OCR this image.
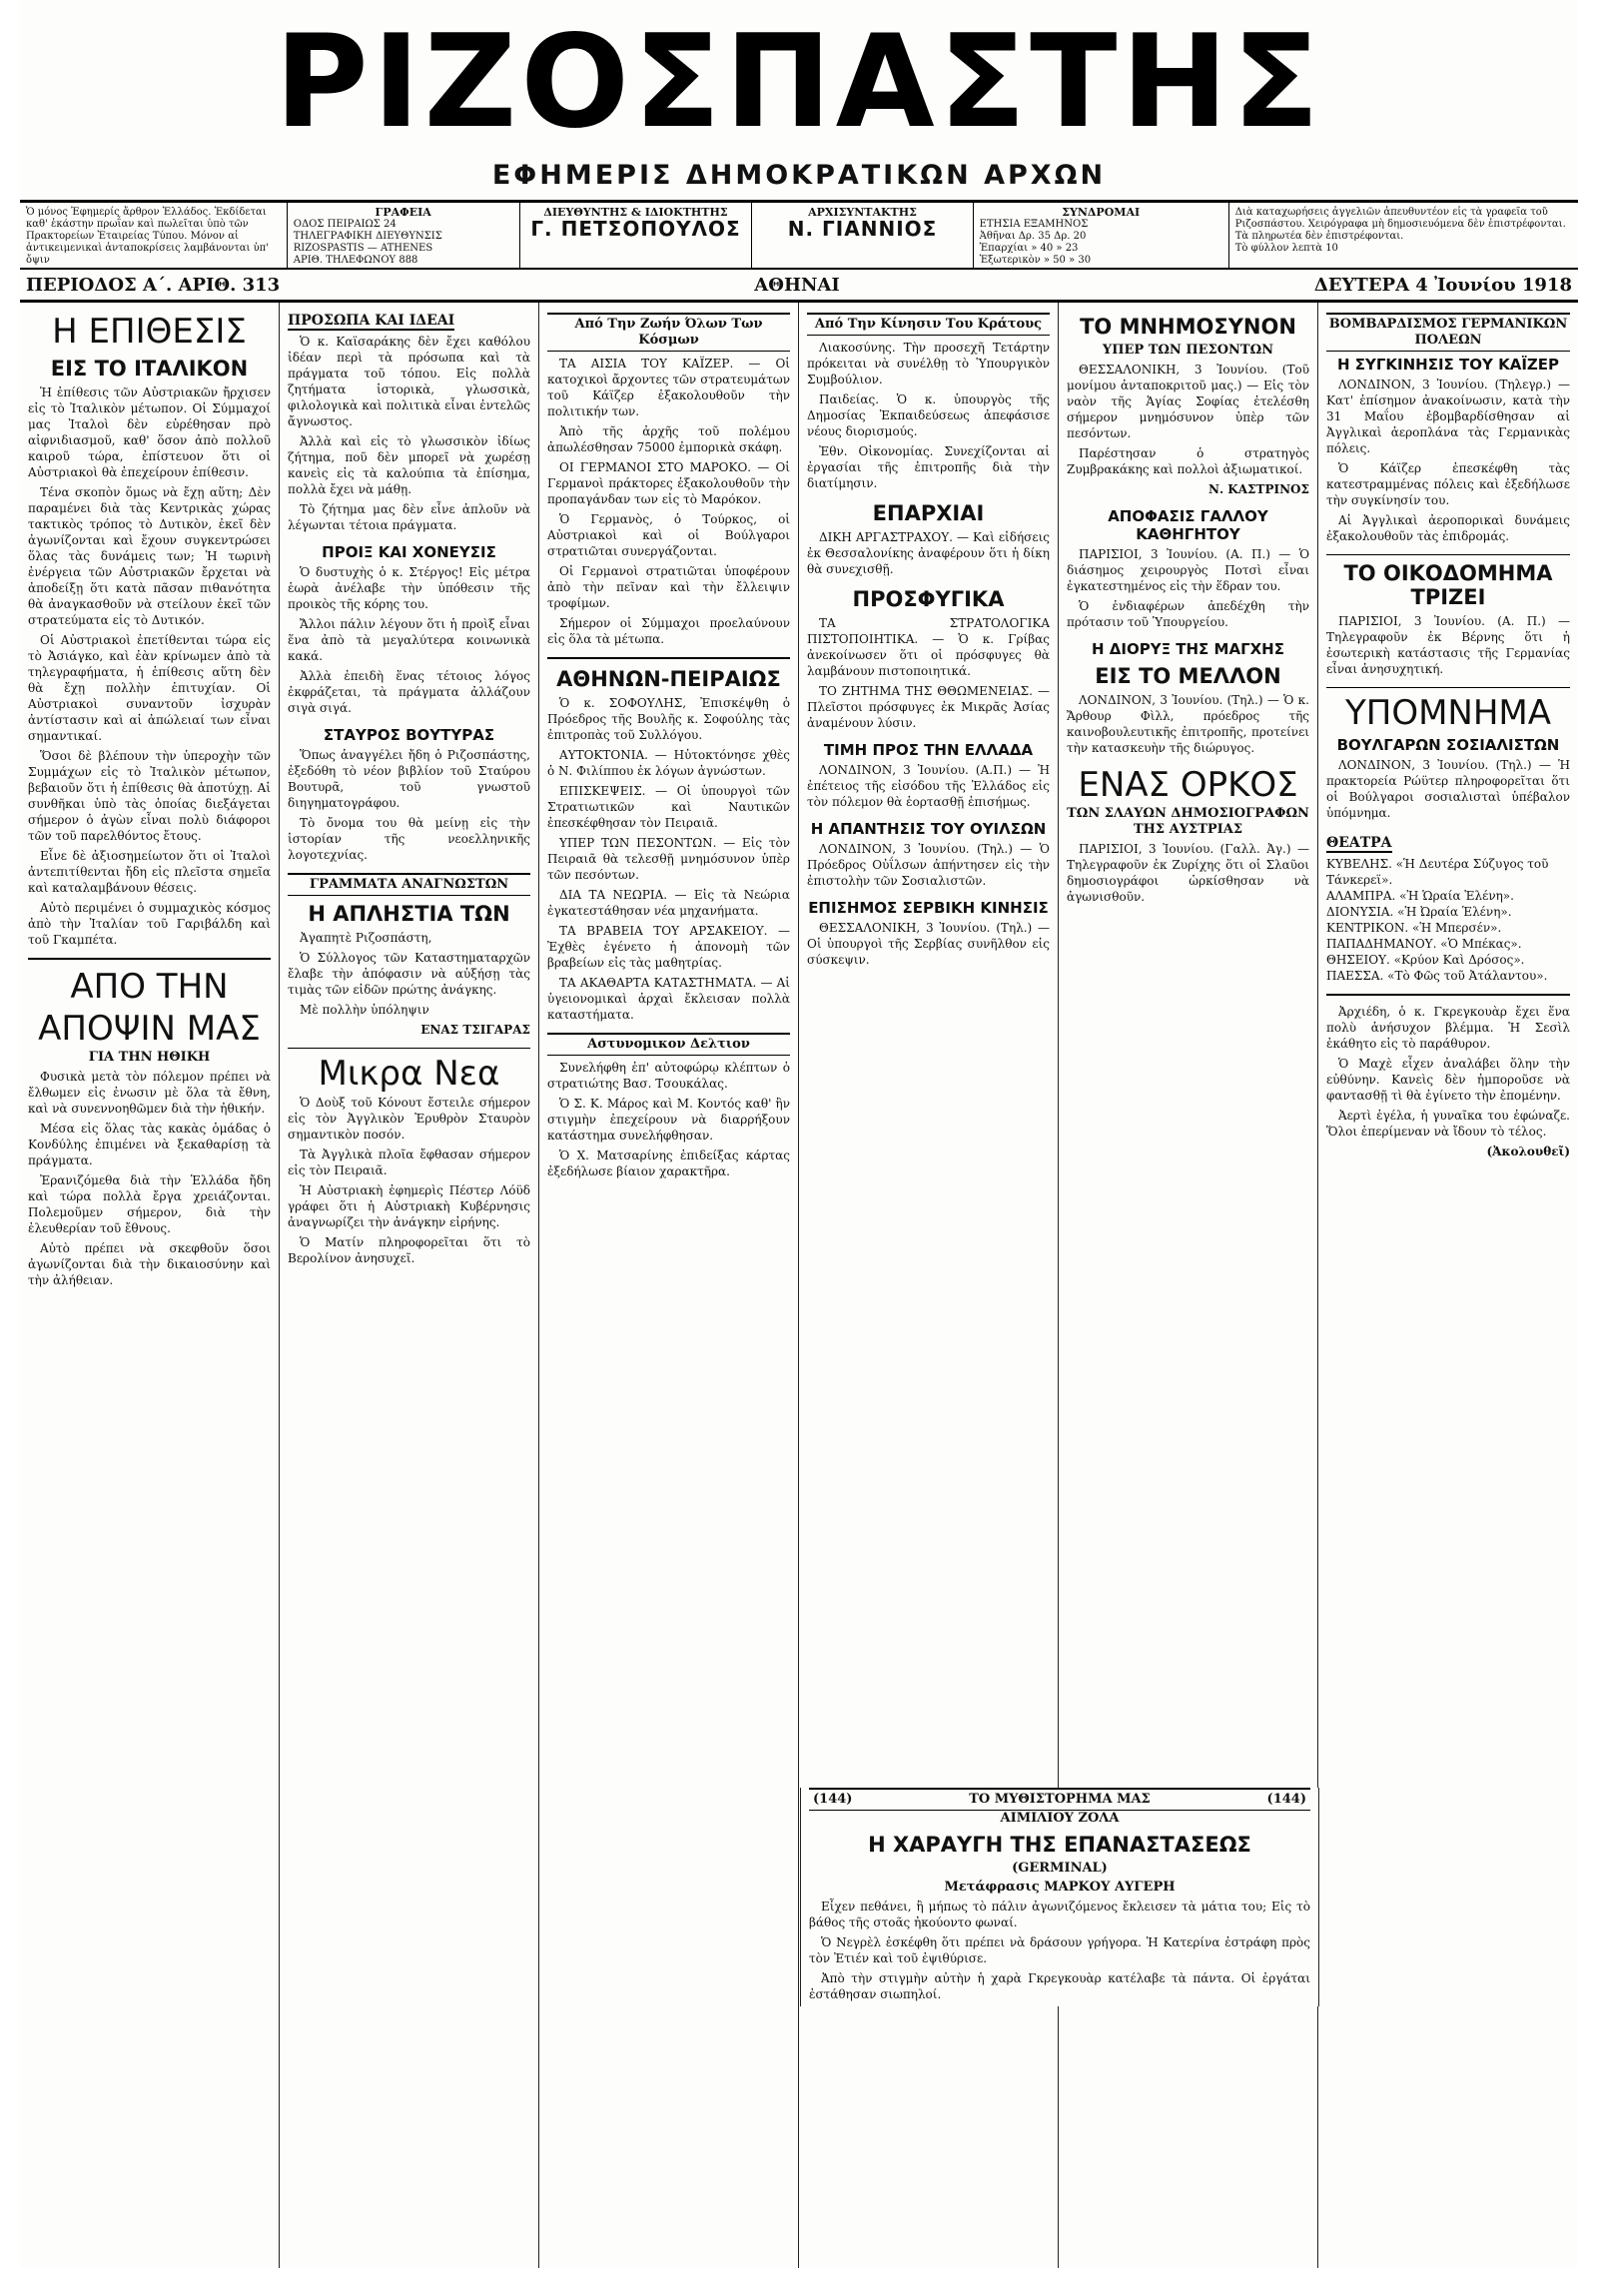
ΡΙΖΟΣΠΑΣΤΗΣ
ΕΦΗΜΕΡΙΣ ΔΗΜΟΚΡΑΤΙΚΩΝ ΑΡΧΩΝ
Ὁ μόνος Ἐφημερίς ἄρθρον Ἑλλάδος. Ἐκδίδεται καθ' ἑκάστην πρωΐαν καὶ πωλεῖται ὑπὸ τῶν Πρακτορείων Ἐταιρείας Τύπου. Μόνον αἱ ἀντικειμενικαὶ ἀνταποκρίσεις λαμβάνονται ὑπ' ὄψιν
ΓΡΑΦΕΙΑ
ΟΔΟΣ ΠΕΙΡΑΙΩΣ 24
ΤΗΛΕΓΡΑΦΙΚΗ ΔΙΕΥΘΥΝΣΙΣ
RIZOSPASTIS — ATHENES
ΑΡΙΘ. ΤΗΛΕΦΩΝΟΥ 888
ΔΙΕΥΘΥΝΤΗΣ & ΙΔΙΟΚΤΗΤΗΣ
Γ. ΠΕΤΣΟΠΟΥΛΟΣ
ΑΡΧΙΣΥΝΤΑΚΤΗΣ
Ν. ΓΙΑΝΝΙΟΣ
ΣΥΝΔΡΟΜΑΙ
ΕΤΗΣΙΑ ΕΞΑΜΗΝΟΣ
Ἀθῆναι Δρ. 35 Δρ. 20
Ἐπαρχίαι » 40 » 23
Ἐξωτερικὸν » 50 » 30
Διὰ καταχωρήσεις ἀγγελιῶν ἀπευθυντέον εἰς τὰ γραφεῖα τοῦ Ριζοσπάστου. Χειρόγραφα μὴ δημοσιευόμενα δὲν ἐπιστρέφονται. Τὰ πληρωτέα δὲν ἐπιστρέφονται.
Τὸ φύλλον λεπτὰ 10
ΠΕΡΙΟΔΟΣ Α΄. ΑΡΙΘ. 313	ΑΘΗΝΑΙ	ΔΕΥΤΕΡΑ 4 Ἰουνίου 1918
Η ΕΠΙΘΕΣΙΣ
ΕΙΣ ΤΟ ΙΤΑΛΙΚΟΝ

Ἡ ἐπίθεσις τῶν Αὐστριακῶν ἤρχισεν εἰς τὸ Ἰταλικὸν μέτωπον. Οἱ Σύμμαχοί μας Ἰταλοὶ δὲν εὑρέθησαν πρὸ αἰφνιδιασμοῦ, καθ' ὅσον ἀπὸ πολλοῦ καιροῦ τώρα, ἐπίστευον ὅτι οἱ Αὐστριακοὶ θὰ ἐπεχείρουν ἐπίθεσιν.

Τένα σκοπὸν ὅμως νὰ ἔχῃ αὕτη; Δὲν παραμένει διὰ τὰς Κεντρικὰς χώρας τακτικὸς τρόπος τὸ Δυτικὸν, ἐκεῖ δὲν ἀγωνίζονται καὶ ἔχουν συγκεντρώσει ὅλας τὰς δυνάμεις των; Ἡ τωρινὴ ἐνέργεια τῶν Αὐστριακῶν ἔρχεται νὰ ἀποδείξῃ ὅτι κατὰ πᾶσαν πιθανότητα θὰ ἀναγκασθοῦν νὰ στείλουν ἐκεῖ τῶν στρατεύματα εἰς τὸ Δυτικόν.

Οἱ Αὐστριακοὶ ἐπετίθενται τώρα εἰς τὸ Ἀσιάγκο, καὶ ἐὰν κρίνωμεν ἀπὸ τὰ τηλεγραφήματα, ἡ ἐπίθεσις αὕτη δὲν θὰ ἔχῃ πολλὴν ἐπιτυχίαν. Οἱ Αὐστριακοὶ συναντοῦν ἰσχυρὰν ἀντίστασιν καὶ αἱ ἀπώλειαί των εἶναι σημαντικαί.

Ὅσοι δὲ βλέπουν τὴν ὑπεροχὴν τῶν Συμμάχων εἰς τὸ Ἰταλικὸν μέτωπον, βεβαιοῦν ὅτι ἡ ἐπίθεσις θὰ ἀποτύχῃ. Αἱ συνθῆκαι ὑπὸ τὰς ὁποίας διεξάγεται σήμερον ὁ ἀγὼν εἶναι πολὺ διάφοροι τῶν τοῦ παρελθόντος ἔτους.

Εἶνε δὲ ἀξιοσημείωτον ὅτι οἱ Ἰταλοὶ ἀντεπιτίθενται ἤδη εἰς πλεῖστα σημεῖα καὶ καταλαμβάνουν θέσεις.

Αὐτὸ περιμένει ὁ συμμαχικὸς κόσμος ἀπὸ τὴν Ἰταλίαν τοῦ Γαριβάλδη καὶ τοῦ Γκαμπέτα.

ΑΠΟ ΤΗΝ
ΑΠΟΨΙΝ ΜΑΣ
ΓΙΑ ΤΗΝ ΗΘΙΚΗ

Φυσικὰ μετὰ τὸν πόλεμον πρέπει νὰ ἔλθωμεν εἰς ἑνωσιν μὲ ὅλα τὰ ἔθνη, καὶ νὰ συνεννοηθῶμεν διὰ τὴν ἠθικήν.

Μέσα εἰς ὅλας τὰς κακὰς ὁμάδας ὁ Κονδύλης ἐπιμένει νὰ ξεκαθαρίσῃ τὰ πράγματα.

Ἐρανιζόμεθα διὰ τὴν Ἑλλάδα ἤδη καὶ τώρα πολλὰ ἔργα χρειάζονται. Πολεμοῦμεν σήμερον, διὰ τὴν ἐλευθερίαν τοῦ ἔθνους.

Αὐτὸ πρέπει νὰ σκεφθοῦν ὅσοι ἀγωνίζονται διὰ τὴν δικαιοσύνην καὶ τὴν ἀλήθειαν.

ΠΡΟΣΩΠΑ ΚΑΙ ΙΔΕΑΙ

Ὁ κ. Καϊσαράκης δὲν ἔχει καθόλου ἰδέαν περὶ τὰ πρόσωπα καὶ τὰ πράγματα τοῦ τόπου. Εἰς πολλὰ ζητήματα ἱστορικὰ, γλωσσικὰ, φιλολογικὰ καὶ πολιτικὰ εἶναι ἐντελῶς ἄγνωστος.

Ἀλλὰ καὶ εἰς τὸ γλωσσικὸν ἰδίως ζήτημα, ποῦ δὲν μπορεῖ νὰ χωρέσῃ κανεὶς εἰς τὰ καλούπια τὰ ἐπίσημα, πολλὰ ἔχει νὰ μάθῃ.

Τὸ ζήτημα μας δὲν εἶνε ἀπλοῦν νὰ λέγωνται τέτοια πράγματα.

ΠΡΟΙΞ ΚΑΙ ΧΟΝΕΥΣΙΣ

Ὁ δυστυχὴς ὁ κ. Στέργος! Εἰς μέτρα ἑωρὰ ἀνέλαβε τὴν ὑπόθεσιν τῆς προικὸς τῆς κόρης του.

Ἄλλοι πάλιν λέγουν ὅτι ἡ προὶξ εἶναι ἕνα ἀπὸ τὰ μεγαλύτερα κοινωνικὰ κακά.

Ἀλλὰ ἐπειδὴ ἕνας τέτοιος λόγος ἐκφράζεται, τὰ πράγματα ἀλλάζουν σιγὰ σιγά.

ΣΤΑΥΡΟΣ ΒΟΥΤΥΡΑΣ

Ὅπως ἀναγγέλει ἤδη ὁ Ριζοσπάστης, ἐξεδόθη τὸ νέον βιβλίον τοῦ Σταύρου Βουτυρᾶ, τοῦ γνωστοῦ διηγηματογράφου.

Τὸ ὄνομα του θὰ μείνῃ εἰς τὴν ἱστορίαν τῆς νεοελληνικῆς λογοτεχνίας.

ΓΡΑΜΜΑΤΑ ΑΝΑΓΝΩΣΤΩΝ
Η ΑΠΛΗΣΤΙΑ ΤΩΝ

Ἀγαπητὲ Ριζοσπάστη,

Ὁ Σύλλογος τῶν Καταστηματαρχῶν ἔλαβε τὴν ἀπόφασιν νὰ αὐξήσῃ τὰς τιμὰς τῶν εἰδῶν πρώτης ἀνάγκης.

Μὲ πολλὴν ὑπόληψιν

ΕΝΑΣ ΤΣΙΓΑΡΑΣ
Μικρα Νεα

Ὁ Δοὺξ τοῦ Κόνουτ ἔστειλε σήμερον εἰς τὸν Ἀγγλικὸν Ἐρυθρὸν Σταυρὸν σημαντικὸν ποσόν.

Τὰ Ἀγγλικὰ πλοῖα ἔφθασαν σήμερον εἰς τὸν Πειραιᾶ.

Ἡ Αὐστριακὴ ἐφημερὶς Πέστερ Λόϋδ γράφει ὅτι ἡ Αὐστριακὴ Κυβέρνησις ἀναγνωρίζει τὴν ἀνάγκην εἰρήνης.

Ὁ Ματίν πληροφορεῖται ὅτι τὸ Βερολίνον ἀνησυχεῖ.

Από Την Ζωήν Όλων Των Κόσμων

ΤΑ ΑΙΣΙΑ ΤΟΥ ΚΑΪΖΕΡ. — Οἱ κατοχικοὶ ἄρχοντες τῶν στρατευμάτων τοῦ Κάϊζερ ἐξακολουθοῦν τὴν πολιτικήν των.

Ἀπὸ τῆς ἀρχῆς τοῦ πολέμου ἀπωλέσθησαν 75000 ἐμπορικὰ σκάφη.

ΟΙ ΓΕΡΜΑΝΟΙ ΣΤΟ ΜΑΡΟΚΟ. — Οἱ Γερμανοὶ πράκτορες ἐξακολουθοῦν τὴν προπαγάνδαν των εἰς τὸ Μαρόκον.

Ὁ Γερμανὸς, ὁ Τούρκος, οἱ Αὐστριακοὶ καὶ οἱ Βούλγαροι στρατιῶται συνεργάζονται.

Οἱ Γερμανοὶ στρατιῶται ὑποφέρουν ἀπὸ τὴν πεῖναν καὶ τὴν ἔλλειψιν τροφίμων.

Σήμερον οἱ Σύμμαχοι προελαύνουν εἰς ὅλα τὰ μέτωπα.

ΑΘΗΝΩΝ-ΠΕΙΡΑΙΩΣ

Ὁ κ. ΣΟΦΟΥΛΗΣ, Ἐπισκέψθη ὁ Πρόεδρος τῆς Βουλῆς κ. Σοφούλης τὰς ἐπιτροπὰς τοῦ Συλλόγου.

ΑΥΤΟΚΤΟΝΙΑ. — Ηὐτοκτόνησε χθὲς ὁ Ν. Φιλίππου ἐκ λόγων ἀγνώστων.

ΕΠΙΣΚΕΨΕΙΣ. — Οἱ ὑπουργοὶ τῶν Στρατιωτικῶν καὶ Ναυτικῶν ἐπεσκέφθησαν τὸν Πειραιᾶ.

ΥΠΕΡ ΤΩΝ ΠΕΣΟΝΤΩΝ. — Εἰς τὸν Πειραιᾶ θὰ τελεσθῇ μνημόσυνον ὑπὲρ τῶν πεσόντων.

ΔΙΑ ΤΑ ΝΕΩΡΙΑ. — Εἰς τὰ Νεώρια ἐγκατεστάθησαν νέα μηχανήματα.

ΤΑ ΒΡΑΒΕΙΑ ΤΟΥ ΑΡΣΑΚΕΙΟΥ. — Ἐχθὲς ἐγένετο ἡ ἀπονομὴ τῶν βραβείων εἰς τὰς μαθητρίας.

ΤΑ ΑΚΑΘΑΡΤΑ ΚΑΤΑΣΤΗΜΑΤΑ. — Αἱ ὑγειονομικαὶ ἀρχαὶ ἔκλεισαν πολλὰ καταστήματα.

Αστυνομικον Δελτιον

Συνελήφθη ἐπ' αὐτοφώρῳ κλέπτων ὁ στρατιώτης Βασ. Τσουκάλας.

Ὁ Σ. Κ. Μάρος καὶ Μ. Κοντός καθ' ἣν στιγμὴν ἐπεχείρουν νὰ διαρρήξουν κατάστημα συνελήφθησαν.

Ὁ Χ. Ματσαρίνης ἐπιδείξας κάρτας ἐξεδήλωσε βίαιον χαρακτῆρα.

Από Την Κίνησιν Του Κράτους

Λιακοσύνης. Τὴν προσεχῆ Τετάρτην πρόκειται νὰ συνέλθῃ τὸ Ὑπουργικὸν Συμβούλιον.

Παιδείας. Ὁ κ. ὑπουργὸς τῆς Δημοσίας Ἐκπαιδεύσεως ἀπεφάσισε νέους διορισμούς.

Ἐθν. Οἰκονομίας. Συνεχίζονται αἱ ἐργασίαι τῆς ἐπιτροπῆς διὰ τὴν διατίμησιν.

ΕΠΑΡΧΙΑΙ

ΔΙΚΗ ΑΡΓΑΣΤΡΑΧΟΥ. — Καὶ εἰδήσεις ἐκ Θεσσαλονίκης ἀναφέρουν ὅτι ἡ δίκη θὰ συνεχισθῇ.

ΠΡΟΣΦΥΓΙΚΑ

ΤΑ ΣΤΡΑΤΟΛΟΓΙΚΑ ΠΙΣΤΟΠΟΙΗΤΙΚΑ. — Ὁ κ. Γρίβας ἀνεκοίνωσεν ὅτι οἱ πρόσφυγες θὰ λαμβάνουν πιστοποιητικά.

ΤΟ ΖΗΤΗΜΑ ΤΗΣ ΘΘΩΜΕΝΕΙΑΣ. — Πλεῖστοι πρόσφυγες ἐκ Μικρᾶς Ἀσίας ἀναμένουν λύσιν.

ΤΙΜΗ ΠΡΟΣ ΤΗΝ ΕΛΛΑΔΑ

ΛΟΝΔΙΝΟΝ, 3 Ἰουνίου. (Α.Π.) — Ἡ ἐπέτειος τῆς εἰσόδου τῆς Ἑλλάδος εἰς τὸν πόλεμον θὰ ἑορτασθῇ ἐπισήμως.

Η ΑΠΑΝΤΗΣΙΣ ΤΟΥ ΟΥΙΛΣΩΝ

ΛΟΝΔΙΝΟΝ, 3 Ἰουνίου. (Τηλ.) — Ὁ Πρόεδρος Οὐΐλσων ἀπήντησεν εἰς τὴν ἐπιστολὴν τῶν Σοσιαλιστῶν.

ΕΠΙΣΗΜΟΣ ΣΕΡΒΙΚΗ ΚΙΝΗΣΙΣ

ΘΕΣΣΑΛΟΝΙΚΗ, 3 Ἰουνίου. (Τηλ.) — Οἱ ὑπουργοὶ τῆς Σερβίας συνῆλθον εἰς σύσκεψιν.

ΤΟ ΜΝΗΜΟΣΥΝΟΝ
ΥΠΕΡ ΤΩΝ ΠΕΣΟΝΤΩΝ

ΘΕΣΣΑΛΟΝΙΚΗ, 3 Ἰουνίου. (Τοῦ μονίμου ἀνταποκριτοῦ μας.) — Εἰς τὸν ναὸν τῆς Ἁγίας Σοφίας ἐτελέσθη σήμερον μνημόσυνον ὑπὲρ τῶν πεσόντων.

Παρέστησαν ὁ στρατηγὸς Ζυμβρακάκης καὶ πολλοὶ ἀξιωματικοί.

Ν. ΚΑΣΤΡΙΝΟΣ
ΑΠΟΦΑΣΙΣ ΓΑΛΛΟΥ ΚΑΘΗΓΗΤΟΥ

ΠΑΡΙΣΙΟΙ, 3 Ἰουνίου. (Α. Π.) — Ὁ διάσημος χειρουργὸς Ποτσὶ εἶναι ἐγκατεστημένος εἰς τὴν ἕδραν του.

Ὁ ἐνδιαφέρων ἀπεδέχθη τὴν πρότασιν τοῦ Ὑπουργείου.

Η ΔΙΟΡΥΞ ΤΗΣ ΜΑΓΧΗΣ
ΕΙΣ ΤΟ ΜΕΛΛΟΝ

ΛΟΝΔΙΝΟΝ, 3 Ἰουνίου. (Τηλ.) — Ὁ κ. Ἄρθουρ Φὶλλ, πρόεδρος τῆς καινοβουλευτικῆς ἐπιτροπῆς, προτείνει τὴν κατασκευὴν τῆς διώρυγος.

ΕΝΑΣ ΟΡΚΟΣ
ΤΩΝ ΣΛΑΥΩΝ ΔΗΜΟΣΙΟΓΡΑΦΩΝ ΤΗΣ ΑΥΣΤΡΙΑΣ

ΠΑΡΙΣΙΟΙ, 3 Ἰουνίου. (Γαλλ. Ἀγ.) — Τηλεγραφοῦν ἐκ Ζυρίχης ὅτι οἱ Σλαῦοι δημοσιογράφοι ὡρκίσθησαν νὰ ἀγωνισθοῦν.

ΒΟΜΒΑΡΔΙΣΜΟΣ ΓΕΡΜΑΝΙΚΩΝ ΠΟΛΕΩΝ
Η ΣΥΓΚΙΝΗΣΙΣ ΤΟΥ ΚΑΪΖΕΡ

ΛΟΝΔΙΝΟΝ, 3 Ἰουνίου. (Τηλεγρ.) — Κατ' ἐπίσημον ἀνακοίνωσιν, κατὰ τὴν 31 Μαΐου ἐβομβαρδίσθησαν αἱ Ἀγγλικαὶ ἀεροπλάνα τὰς Γερμανικὰς πόλεις.

Ὁ Κάϊζερ ἐπεσκέφθη τὰς κατεστραμμένας πόλεις καὶ ἐξεδήλωσε τὴν συγκίνησίν του.

Αἱ Ἀγγλικαὶ ἀεροπορικαὶ δυνάμεις ἐξακολουθοῦν τὰς ἐπιδρομάς.

ΤΟ ΟΙΚΟΔΟΜΗΜΑ ΤΡΙΖΕΙ

ΠΑΡΙΣΙΟΙ, 3 Ἰουνίου. (Α. Π.) — Τηλεγραφοῦν ἐκ Βέρνης ὅτι ἡ ἐσωτερικὴ κατάστασις τῆς Γερμανίας εἶναι ἀνησυχητική.

ΥΠΟΜΝΗΜΑ
ΒΟΥΛΓΑΡΩΝ ΣΟΣΙΑΛΙΣΤΩΝ

ΛΟΝΔΙΝΟΝ, 3 Ἰουνίου. (Τηλ.) — Ἡ πρακτορεία Ρώϋτερ πληροφορεῖται ὅτι οἱ Βούλγαροι σοσιαλισταὶ ὑπέβαλον ὑπόμνημα.

ΘΕΑΤΡΑ
ΚΥΒΕΛΗΣ. «Ἡ Δευτέρα Σύζυγος τοῦ Τάνκερεϊ».
ΑΛΑΜΠΡΑ. «Ἡ Ὡραία Ἑλένη».
ΔΙΟΝΥΣΙΑ. «Ἡ Ὠραία Ἑλένη».
ΚΕΝΤΡΙΚΟΝ. «Ἡ Μπερσέν».
ΠΑΠΑΔΗΜΑΝΟΥ. «Ὁ Μπέκας».
ΘΗΣΕΙΟΥ. «Κρύον Καὶ Δρόσος».
ΠΑΕΣΣΑ. «Τὸ Φῶς τοῦ Ἀτάλαντου».

Ἀρχιέδη, ὁ κ. Γκρεγκουὰρ ἔχει ἕνα πολὺ ἀνήσυχον βλέμμα. Ἡ Σεσὶλ ἐκάθητο εἰς τὸ παράθυρον.

Ὁ Μαχὲ εἶχεν ἀναλάβει ὅλην τὴν εὐθύνην. Κανεὶς δὲν ἠμποροῦσε νὰ φαντασθῇ τὶ θὰ ἐγίνετο τὴν ἐπομένην.

Ἀερτὶ ἐγέλα, ἡ γυναῖκα του ἐφώναζε. Ὅλοι ἐπερίμεναν νὰ ἴδουν τὸ τέλος.

(Ἀκολουθεῖ)
(144)	ΤΟ ΜΥΘΙΣΤΟΡΗΜΑ ΜΑΣ	(144)
ΑΙΜΙΛΙΟΥ ΖΟΛΑ
Η ΧΑΡΑΥΓΗ ΤΗΣ ΕΠΑΝΑΣΤΑΣΕΩΣ
(GERMINAL)
Μετάφρασις ΜΑΡΚΟΥ ΑΥΓΕΡΗ

Εἶχεν πεθάνει, ἢ μήπως τὸ πάλιν ἀγωνιζόμενος ἔκλεισεν τὰ μάτια του; Εἰς τὸ βάθος τῆς στοᾶς ἠκούοντο φωναί.

Ὁ Νεγρὲλ ἐσκέφθη ὅτι πρέπει νὰ δράσουν γρήγορα. Ἡ Κατερίνα ἐστράφη πρὸς τὸν Ἐτιέν καὶ τοῦ ἐψιθύρισε.

Ἀπὸ τὴν στιγμὴν αὐτὴν ἡ χαρὰ Γκρεγκουὰρ κατέλαβε τὰ πάντα. Οἱ ἐργάται ἐστάθησαν σιωπηλοί.
